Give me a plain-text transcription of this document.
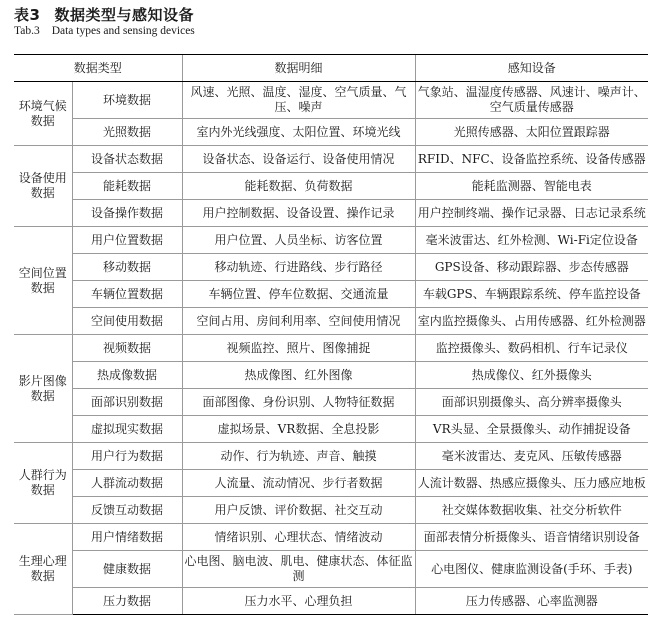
表3 数据类型与感知设备
Tab.3 Data types and sensing devices
数据类型		数据明细	感知设备
环境气候数据	环境数据	风速、光照、温度、湿度、空气质量、气压、噪声	气象站、温湿度传感器、风速计、噪声计、空气质量传感器
	光照数据	室内外光线强度、太阳位置、环境光线	光照传感器、太阳位置跟踪器
设备使用数据	设备状态数据	设备状态、设备运行、设备使用情况	RFID、NFC、设备监控系统、设备传感器
	能耗数据	能耗数据、负荷数据	能耗监测器、智能电表
	设备操作数据	用户控制数据、设备设置、操作记录	用户控制终端、操作记录器、日志记录系统
空间位置数据	用户位置数据	用户位置、人员坐标、访客位置	毫米波雷达、红外检测、Wi-Fi定位设备
	移动数据	移动轨迹、行进路线、步行路径	GPS设备、移动跟踪器、步态传感器
	车辆位置数据	车辆位置、停车位数据、交通流量	车载GPS、车辆跟踪系统、停车监控设备
	空间使用数据	空间占用、房间利用率、空间使用情况	室内监控摄像头、占用传感器、红外检测器
影片图像数据	视频数据	视频监控、照片、图像捕捉	监控摄像头、数码相机、行车记录仪
	热成像数据	热成像图、红外图像	热成像仪、红外摄像头
	面部识别数据	面部图像、身份识别、人物特征数据	面部识别摄像头、高分辨率摄像头
	虚拟现实数据	虚拟场景、VR数据、全息投影	VR头显、全景摄像头、动作捕捉设备
人群行为数据	用户行为数据	动作、行为轨迹、声音、触摸	毫米波雷达、麦克风、压敏传感器
	人群流动数据	人流量、流动情况、步行者数据	人流计数器、热感应摄像头、压力感应地板
	反馈互动数据	用户反馈、评价数据、社交互动	社交媒体数据收集、社交分析软件
生理心理数据	用户情绪数据	情绪识别、心理状态、情绪波动	面部表情分析摄像头、语音情绪识别设备
	健康数据	心电图、脑电波、肌电、健康状态、体征监测	心电图仪、健康监测设备(手环、手表)
	压力数据	压力水平、心理负担	压力传感器、心率监测器
